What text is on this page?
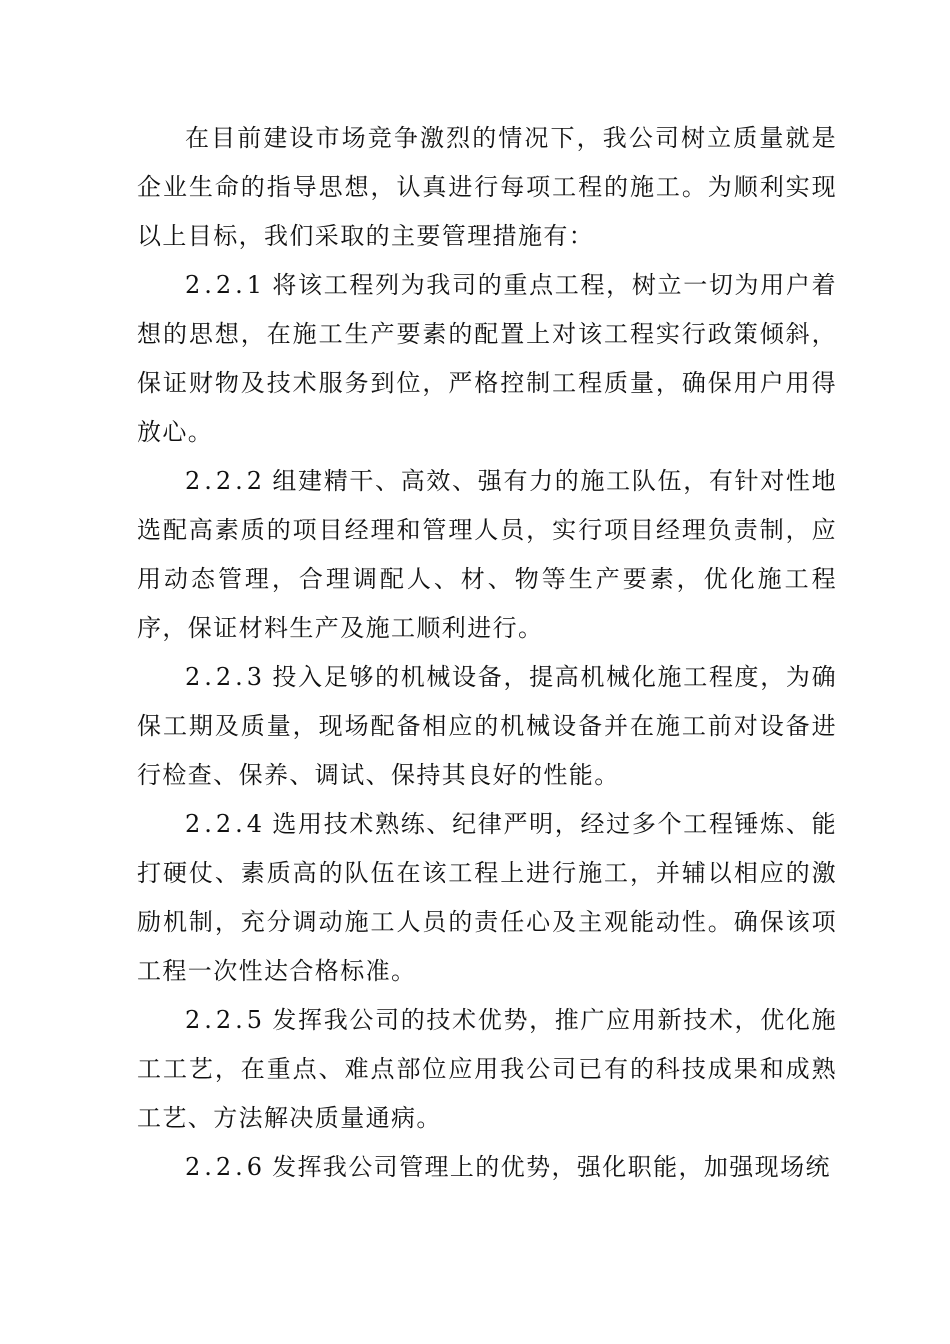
在目前建设市场竞争激烈的情况下，我公司树立质量就是企业生命的指导思想，认真进行每项工程的施工。为顺利实现以上目标，我们采取的主要管理措施有：

2.2.1 将该工程列为我司的重点工程，树立一切为用户着想的思想，在施工生产要素的配置上对该工程实行政策倾斜，保证财物及技术服务到位，严格控制工程质量，确保用户用得放心。

2.2.2 组建精干、高效、强有力的施工队伍，有针对性地选配高素质的项目经理和管理人员，实行项目经理负责制，应用动态管理，合理调配人、材、物等生产要素，优化施工程序，保证材料生产及施工顺利进行。

2.2.3 投入足够的机械设备，提高机械化施工程度，为确保工期及质量，现场配备相应的机械设备并在施工前对设备进行检查、保养、调试、保持其良好的性能。

2.2.4 选用技术熟练、纪律严明，经过多个工程锤炼、能打硬仗、素质高的队伍在该工程上进行施工，并辅以相应的激励机制，充分调动施工人员的责任心及主观能动性。确保该项工程一次性达合格标准。

2.2.5 发挥我公司的技术优势，推广应用新技术，优化施工工艺，在重点、难点部位应用我公司已有的科技成果和成熟工艺、方法解决质量通病。

2.2.6 发挥我公司管理上的优势，强化职能，加强现场统
